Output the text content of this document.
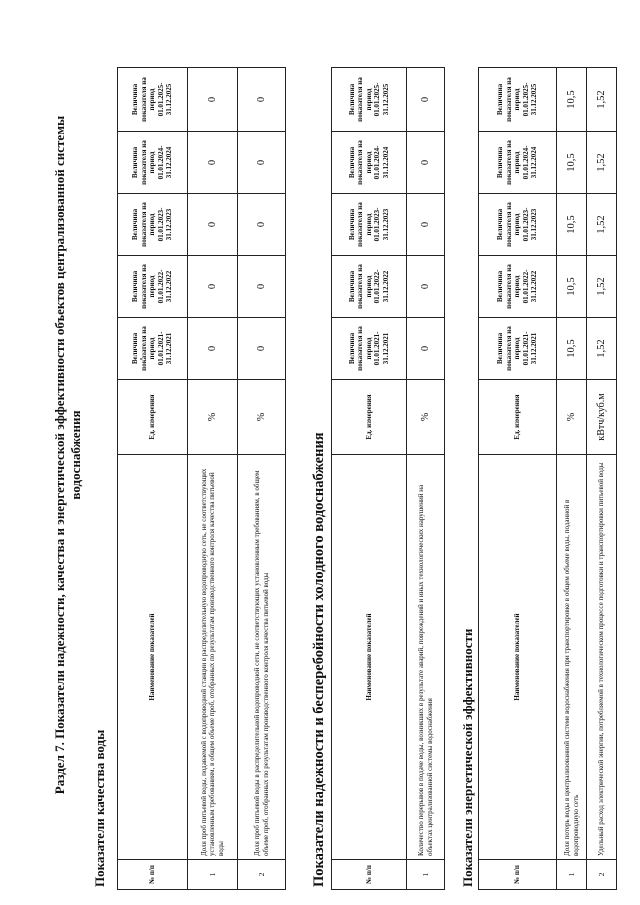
Раздел 7. Показатели надежности, качества и энергетической эффективности объектов централизованной системы водоснабжения
Показатели качества воды	№ п/п	Наименование показателей	Ед. измерения	Величина показателя на период 01.01.2021-31.12.2021	Величина показателя на период 01.01.2022-31.12.2022	Величина показателя на период 01.01.2023-31.12.2023	Величина показателя на период 01.01.2024-31.12.2024	Величина показателя на период 01.01.2025-31.12.2025
1	Доля проб питьевой воды, подаваемой с водопроводной станции в распределительную водопроводную сеть, не соответствующих установленным требованиям, в общем объеме проб, отобранных по результатам производственного контроля качества питьевой воды	%	0	0	0	0	0
2	Доля проб питьевой воды в распределительной водопроводной сети, не соответствующих установленным требованиям, в общем объеме проб, отобранных по результатам производственного контроля качества питьевой воды	%	0	0	0	0	0
Показатели надежности и бесперебойности холодного водоснабжения	№ п/п	Наименование показателей	Ед. измерения	Величина показателя на период 01.01.2021-31.12.2021	Величина показателя на период 01.01.2022-31.12.2022	Величина показателя на период 01.01.2023-31.12.2023	Величина показателя на период 01.01.2024-31.12.2024	Величина показателя на период 01.01.2025-31.12.2025
1	Количество перерывов в подаче воды, возникших в результате аварий, повреждений и иных технологических нарушений на объектах централизованной системы водоснабжения	%	0	0	0	0	0
Показатели энергетической эффективности	№ п/п	Наименование показателей	Ед. измерения	Величина показателя на период 01.01.2021-31.12.2021	Величина показателя на период 01.01.2022-31.12.2022	Величина показателя на период 01.01.2023-31.12.2023	Величина показателя на период 01.01.2024-31.12.2024	Величина показателя на период 01.01.2025-31.12.2025
1	Доля потерь воды в централизованной системе водоснабжения при транспортировке в общем объеме воды, поданной в водопроводную сеть	%	10,5	10,5	10,5	10,5	10,5
2	Удельный расход электрической энергии, потребляемой в технологическом процессе подготовки и транспортировки питьевой воды	кВтч/куб.м	1,52	1,52	1,52	1,52	1,52
